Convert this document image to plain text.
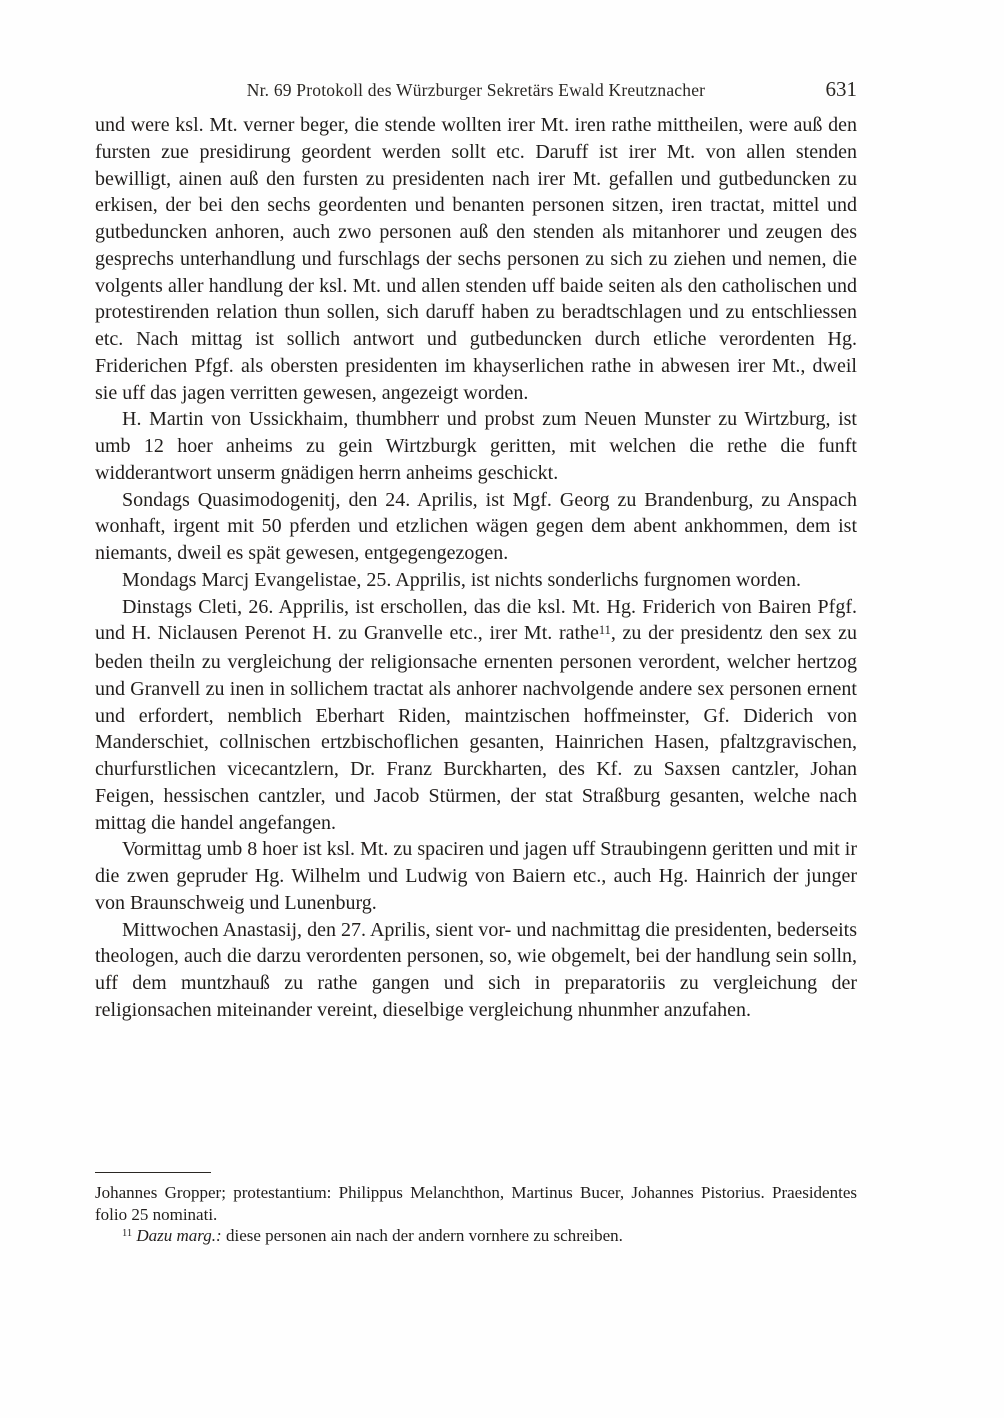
Nr. 69 Protokoll des Würzburger Sekretärs Ewald Kreutznacher	631

und were ksl. Mt. verner beger, die stende wollten irer Mt. iren rathe mittheilen, were auß den fursten zue presidirung geordent werden sollt etc. Daruff ist irer Mt. von allen stenden bewilligt, ainen auß den fursten zu presidenten nach irer Mt. gefallen und gutbeduncken zu erkisen, der bei den sechs geordenten und benanten personen sitzen, iren tractat, mittel und gutbeduncken anhoren, auch zwo personen auß den stenden als mitanhorer und zeugen des gesprechs unterhandlung und furschlags der sechs personen zu sich zu ziehen und nemen, die volgents aller handlung der ksl. Mt. und allen stenden uff baide seiten als den catholischen und protestirenden relation thun sollen, sich daruff haben zu beradtschlagen und zu entschliessen etc. Nach mittag ist sollich antwort und gutbeduncken durch etliche verordenten Hg. Friderichen Pfgf. als obersten presidenten im khayserlichen rathe in abwesen irer Mt., dweil sie uff das jagen verritten gewesen, angezeigt worden.

H. Martin von Ussickhaim, thumbherr und probst zum Neuen Munster zu Wirtzburg, ist umb 12 hoer anheims zu gein Wirtzburgk geritten, mit welchen die rethe die funft widderantwort unserm gnädigen herrn anheims geschickt.

Sondags Quasimodogenitj, den 24. Aprilis, ist Mgf. Georg zu Brandenburg, zu Anspach wonhaft, irgent mit 50 pferden und etzlichen wägen gegen dem abent ankhommen, dem ist niemants, dweil es spät gewesen, entgegengezogen.

Mondags Marcj Evangelistae, 25. Apprilis, ist nichts sonderlichs furgnomen worden.

Dinstags Cleti, 26. Apprilis, ist erschollen, das die ksl. Mt. Hg. Friderich von Bairen Pfgf. und H. Niclausen Perenot H. zu Granvelle etc., irer Mt. rathe$^{11}$, zu der presidentz den sex zu beden theiln zu vergleichung der religionsache ernenten personen verordent, welcher hertzog und Granvell zu inen in sollichem tractat als anhorer nachvolgende andere sex personen ernent und erfordert, nemblich Eberhart Riden, maintzischen hoffmeinster, Gf. Diderich von Manderschiet, collnischen ertzbischoflichen gesanten, Hainrichen Hasen, pfaltzgravischen, churfurstlichen vicecantzlern, Dr. Franz Burckharten, des Kf. zu Saxsen cantzler, Johan Feigen, hessischen cantzler, und Jacob Stürmen, der stat Straßburg gesanten, welche nach mittag die handel angefangen.

Vormittag umb 8 hoer ist ksl. Mt. zu spaciren und jagen uff Straubingenn geritten und mit ir die zwen gepruder Hg. Wilhelm und Ludwig von Baiern etc., auch Hg. Hainrich der junger von Braunschweig und Lunenburg.

Mittwochen Anastasij, den 27. Aprilis, sient vor- und nachmittag die presidenten, bederseits theologen, auch die darzu verordenten personen, so, wie obgemelt, bei der handlung sein solln, uff dem muntzhauß zu rathe gangen und sich in preparatoriis zu vergleichung der religionsachen miteinander vereint, dieselbige vergleichung nhunmher anzufahen.

Johannes Gropper; protestantium: Philippus Melanchthon, Martinus Bucer, Johannes Pistorius. Praesidentes folio 25 nominati.

$^{11}$ Dazu marg.: diese personen ain nach der andern vornhere zu schreiben.
